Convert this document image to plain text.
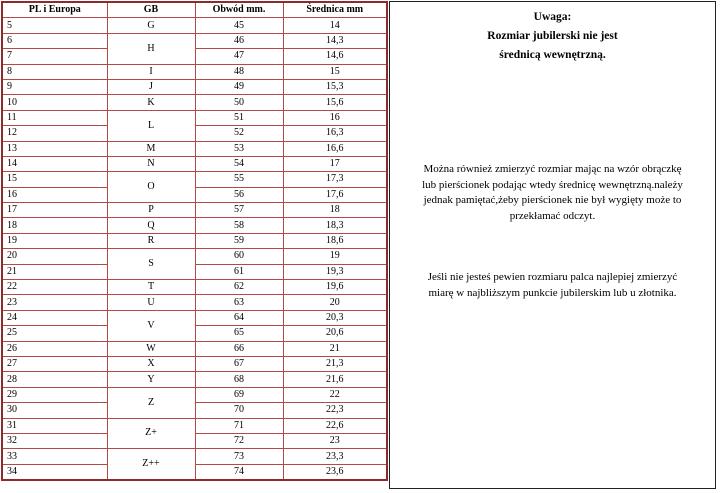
PL i Europa	GB	Obwód mm.	Średnica mm
5	G	45	14
6	H	46	14,3
7		47	14,6
8	I	48	15
9	J	49	15,3
10	K	50	15,6
11	L	51	16
12		52	16,3
13	M	53	16,6
14	N	54	17
15	O	55	17,3
16		56	17,6
17	P	57	18
18	Q	58	18,3
19	R	59	18,6
20	S	60	19
21		61	19,3
22	T	62	19,6
23	U	63	20
24	V	64	20,3
25		65	20,6
26	W	66	21
27	X	67	21,3
28	Y	68	21,6
29	Z	69	22
30		70	22,3
31	Z+	71	22,6
32		72	23
33	Z++	73	23,3
34		74	23,6
Uwaga:
Rozmiar jubilerski nie jest
średnicą wewnętrzną.
Można również zmierzyć rozmiar mając na wzór obrączkę
lub pierścionek podając wtedy średnicę wewnętrzną.należy
jednak pamiętać,żeby pierścionek nie był wygięty może to
przekłamać odczyt.
Jeśli nie jesteś pewien rozmiaru palca najlepiej zmierzyć
miarę w najbliższym punkcie jubilerskim lub u złotnika.
